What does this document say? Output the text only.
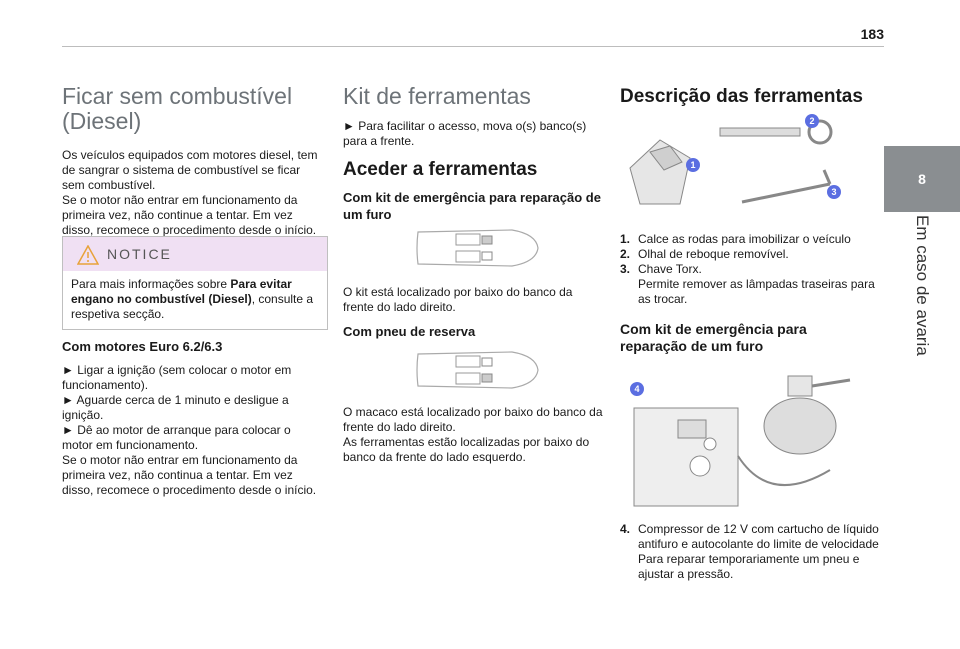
183
8
Em caso de avaria
Ficar sem combustível
(Diesel)
Os veículos equipados com motores diesel, tem
de sangrar o sistema de combustível se ficar
sem combustível.
Se o motor não entrar em funcionamento da
primeira vez, não continue a tentar. Em vez
disso, recomece o procedimento desde o início.
NOTICE
Para mais informações sobre Para evitar
engano no combustível (Diesel), consulte a
respetiva secção.
Com motores Euro 6.2/6.3
► Ligar a ignição (sem colocar o motor em
funcionamento).
► Aguarde cerca de 1 minuto e desligue a
ignição.
► Dê ao motor de arranque para colocar o
motor em funcionamento.
Se o motor não entrar em funcionamento da
primeira vez, não continua a tentar. Em vez
disso, recomece o procedimento desde o início.
Kit de ferramentas
► Para facilitar o acesso, mova o(s) banco(s)
para a frente.
Aceder a ferramentas
Com kit de emergência para reparação de
um furo
O kit está localizado por baixo do banco da
frente do lado direito.
Com pneu de reserva
O macaco está localizado por baixo do banco da
frente do lado direito.
As ferramentas estão localizadas por baixo do
banco da frente do lado esquerdo.
Descrição das ferramentas
1
2
3
1. Calce as rodas para imobilizar o veículo
2. Olhal de reboque removível.
3. Chave Torx.
Permite remover as lâmpadas traseiras para
as trocar.
Com kit de emergência para
reparação de um furo
4
4. Compressor de 12 V com cartucho de líquido
antifuro e autocolante do limite de velocidade
Para reparar temporariamente um pneu e
ajustar a pressão.
